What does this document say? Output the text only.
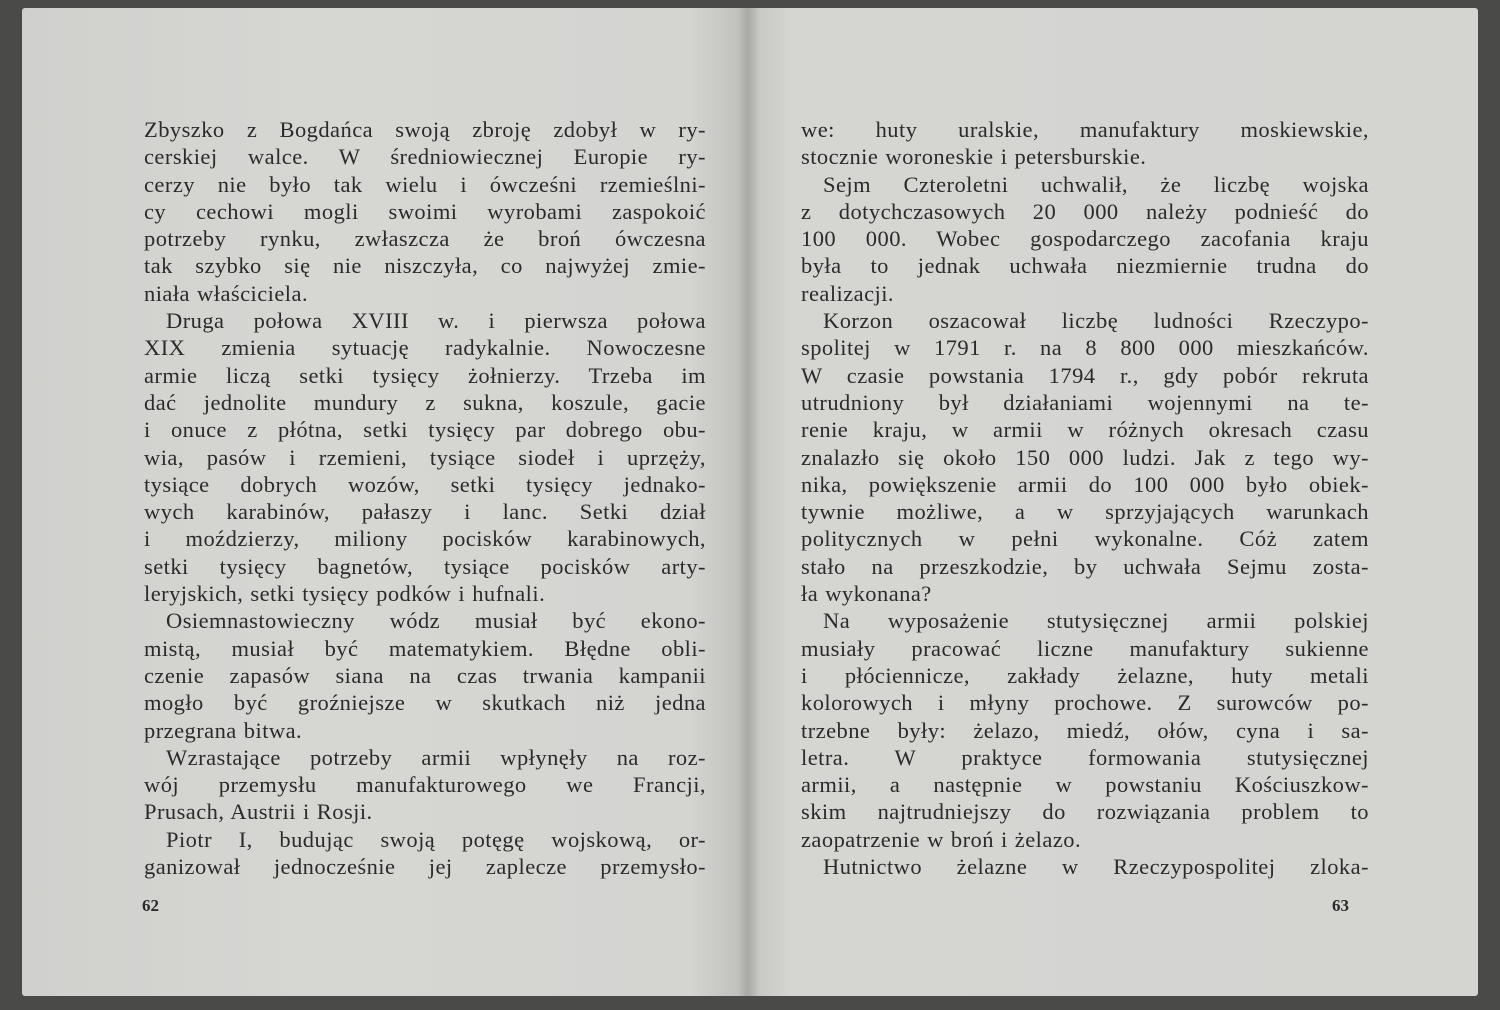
Zbyszko z Bogdańca swoją zbroję zdobył w ry-
cerskiej walce. W średniowiecznej Europie ry-
cerzy nie było tak wielu i ówcześni rzemieślni-
cy cechowi mogli swoimi wyrobami zaspokoić
potrzeby rynku, zwłaszcza że broń ówczesna
tak szybko się nie niszczyła, co najwyżej zmie-
niała właściciela.
Druga połowa XVIII w. i pierwsza połowa
XIX zmienia sytuację radykalnie. Nowoczesne
armie liczą setki tysięcy żołnierzy. Trzeba im
dać jednolite mundury z sukna, koszule, gacie
i onuce z płótna, setki tysięcy par dobrego obu-
wia, pasów i rzemieni, tysiące siodeł i uprzęży,
tysiące dobrych wozów, setki tysięcy jednako-
wych karabinów, pałaszy i lanc. Setki dział
i moździerzy, miliony pocisków karabinowych,
setki tysięcy bagnetów, tysiące pocisków arty-
leryjskich, setki tysięcy podków i hufnali.
Osiemnastowieczny wódz musiał być ekono-
mistą, musiał być matematykiem. Błędne obli-
czenie zapasów siana na czas trwania kampanii
mogło być groźniejsze w skutkach niż jedna
przegrana bitwa.
Wzrastające potrzeby armii wpłynęły na roz-
wój przemysłu manufakturowego we Francji,
Prusach, Austrii i Rosji.
Piotr I, budując swoją potęgę wojskową, or-
ganizował jednocześnie jej zaplecze przemysło-
62
we: huty uralskie, manufaktury moskiewskie,
stocznie woroneskie i petersburskie.
Sejm Czteroletni uchwalił, że liczbę wojska
z dotychczasowych 20 000 należy podnieść do
100 000. Wobec gospodarczego zacofania kraju
była to jednak uchwała niezmiernie trudna do
realizacji.
Korzon oszacował liczbę ludności Rzeczypo-
spolitej w 1791 r. na 8 800 000 mieszkańców.
W czasie powstania 1794 r., gdy pobór rekruta
utrudniony był działaniami wojennymi na te-
renie kraju, w armii w różnych okresach czasu
znalazło się około 150 000 ludzi. Jak z tego wy-
nika, powiększenie armii do 100 000 było obiek-
tywnie możliwe, a w sprzyjających warunkach
politycznych w pełni wykonalne. Cóż zatem
stało na przeszkodzie, by uchwała Sejmu zosta-
ła wykonana?
Na wyposażenie stutysięcznej armii polskiej
musiały pracować liczne manufaktury sukienne
i płóciennicze, zakłady żelazne, huty metali
kolorowych i młyny prochowe. Z surowców po-
trzebne były: żelazo, miedź, ołów, cyna i sa-
letra. W praktyce formowania stutysięcznej
armii, a następnie w powstaniu Kościuszkow-
skim najtrudniejszy do rozwiązania problem to
zaopatrzenie w broń i żelazo.
Hutnictwo żelazne w Rzeczypospolitej zloka-
63
